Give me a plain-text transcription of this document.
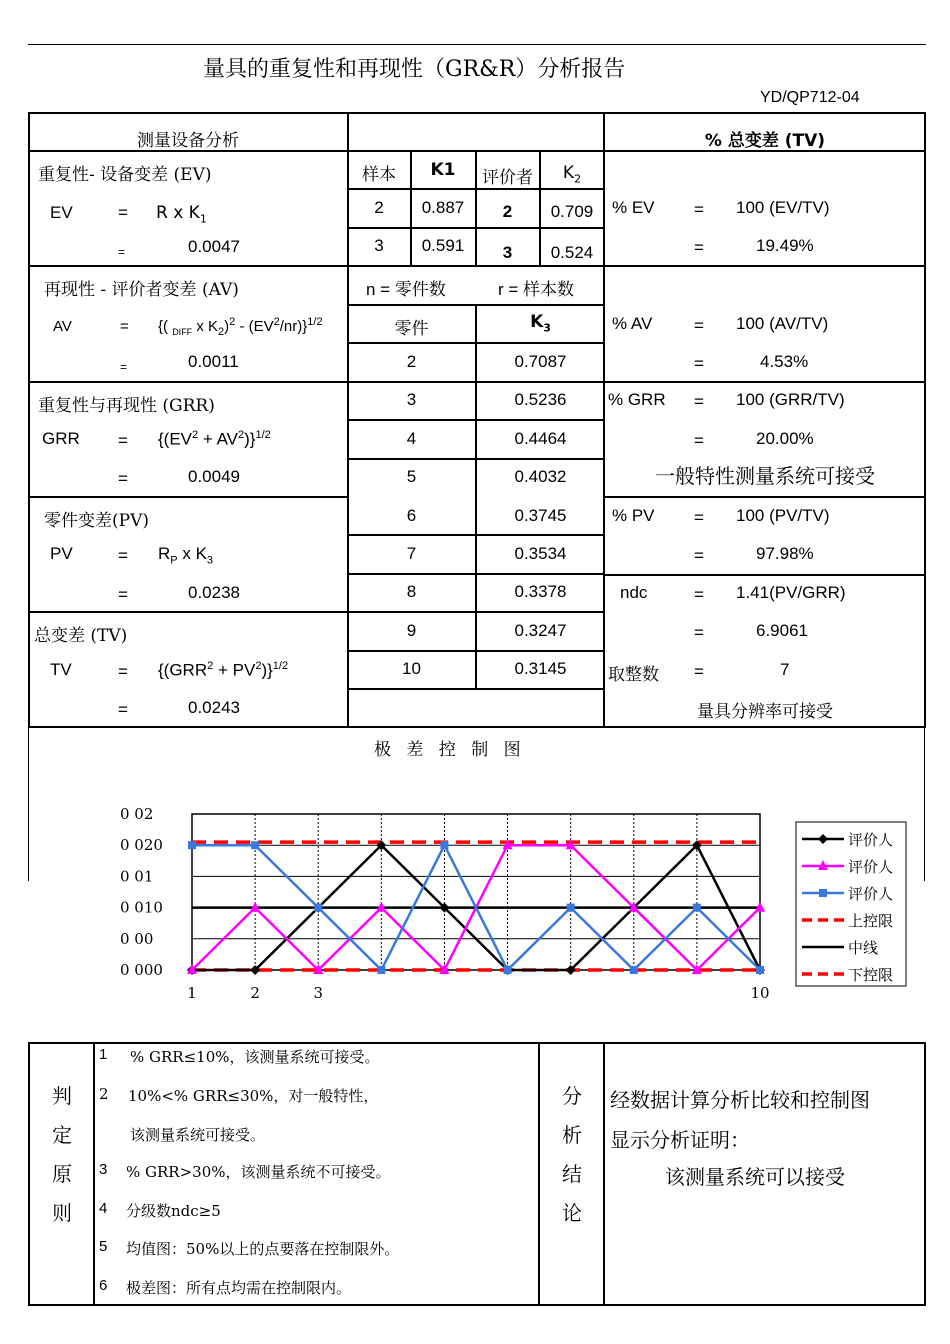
量具的重复性和再现性（GR&R）分析报告
YD/QP712-04
测量设备分析	% 总变差 (TV)
重复性- 设备变差 (EV)
EV	= R x $K_1$
=	0.0047
样本	K1	评价者	$K_2$
2	0.887	2	0.709
3	0.591	3	0.524
% EV = 100 (EV/TV)
=	19.49%
再现性 - 评价者变差 (AV)
AV	= {( $_{DIFF}$ x $K_2)^2 - (EV^2/nr)\}^{1/2}$
=	0.0011
n = 零件数	r = 样本数
零件	$K_3$
2	0.7087
3	0.5236
4	0.4464
5	0.4032
6	0.3745
7	0.3534
8	0.3378
9	0.3247
10	0.3145
% AV = 100 (AV/TV)
=	4.53%
重复性与再现性 (GRR)
GRR = $\{(EV^2 + AV^2)\}^{1/2}$
=	0.0049
% GRR = 100 (GRR/TV)
=	20.00%
一般特性测量系统可接受
零件变差(PV)
PV	= $R_P$ x $K_3$
=	0.0238
% PV = 100 (PV/TV)
=	97.98%
ndc	= 1.41(PV/GRR)
=	6.9061
取整数 =	7
量具分辨率可接受
总变差 (TV)
TV	= $\{(GRR^2 + PV^2)\}^{1/2}$
=	0.0243
极 差 控 制 图
0 02
0 020
0 01
0 010
0 00
0 000
1	2	3	10
评价人
评价人
评价人
上控限
中线
下控限
判
定
原
则
1 % GRR≤10%，该测量系统可接受。
2 10%<% GRR≤30%，对一般特性，
该测量系统可接受。
3 % GRR>30%，该测量系统不可接受。
4 分级数ndc≥5
5 均值图：50%以上的点要落在控制限外。
6 极差图：所有点均需在控制限内。
分
析
结
论
经数据计算分析比较和控制图
显示分析证明：
该测量系统可以接受
